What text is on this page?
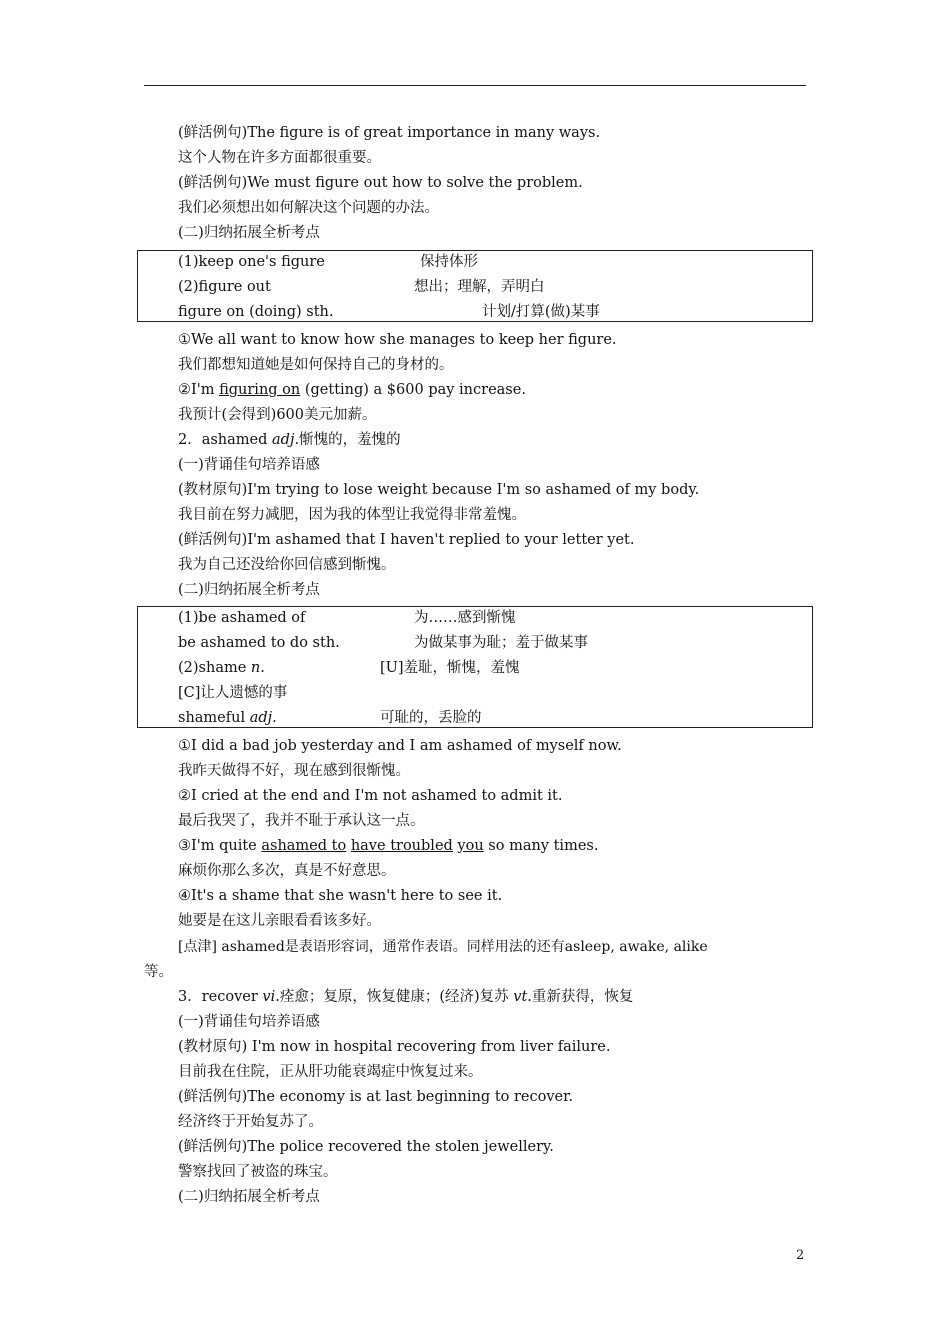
(鲜活例句)The figure is of great importance in many ways.
这个人物在许多方面都很重要。
(鲜活例句)We must figure out how to solve the problem.
我们必须想出如何解决这个问题的办法。
(二)归纳拓展全析考点
(1)keep one's figure	保持体形
(2)figure out	想出；理解，弄明白
figure on (doing) sth.	计划/打算(做)某事
①We all want to know how she manages to keep her figure.
我们都想知道她是如何保持自己的身材的。
②I'm figuring on (getting) a $600 pay increase.
我预计(会得到)600美元加薪。
2．ashamed adj.惭愧的，羞愧的
(一)背诵佳句培养语感
(教材原句)I'm trying to lose weight because I'm so ashamed of my body.
我目前在努力减肥，因为我的体型让我觉得非常羞愧。
(鲜活例句)I'm ashamed that I haven't replied to your letter yet.
我为自己还没给你回信感到惭愧。
(二)归纳拓展全析考点
(1)be ashamed of	为……感到惭愧
be ashamed to do sth.	为做某事为耻；羞于做某事
(2)shame n.	[U]羞耻，惭愧，羞愧
[C]让人遗憾的事
shameful adj.	可耻的，丢脸的
①I did a bad job yesterday and I am ashamed of myself now.
我昨天做得不好，现在感到很惭愧。
②I cried at the end and I'm not ashamed to admit it.
最后我哭了，我并不耻于承认这一点。
③I'm quite ashamed to have troubled you so many times.
麻烦你那么多次，真是不好意思。
④It's a shame that she wasn't here to see it.
她要是在这儿亲眼看看该多好。
[点津] ashamed是表语形容词，通常作表语。同样用法的还有asleep, awake, alike
等。
3．recover vi.痊愈；复原，恢复健康；(经济)复苏 vt.重新获得，恢复
(一)背诵佳句培养语感
(教材原句) I'm now in hospital recovering from liver failure.
目前我在住院，正从肝功能衰竭症中恢复过来。
(鲜活例句)The economy is at last beginning to recover.
经济终于开始复苏了。
(鲜活例句)The police recovered the stolen jewellery.
警察找回了被盗的珠宝。
(二)归纳拓展全析考点
2
